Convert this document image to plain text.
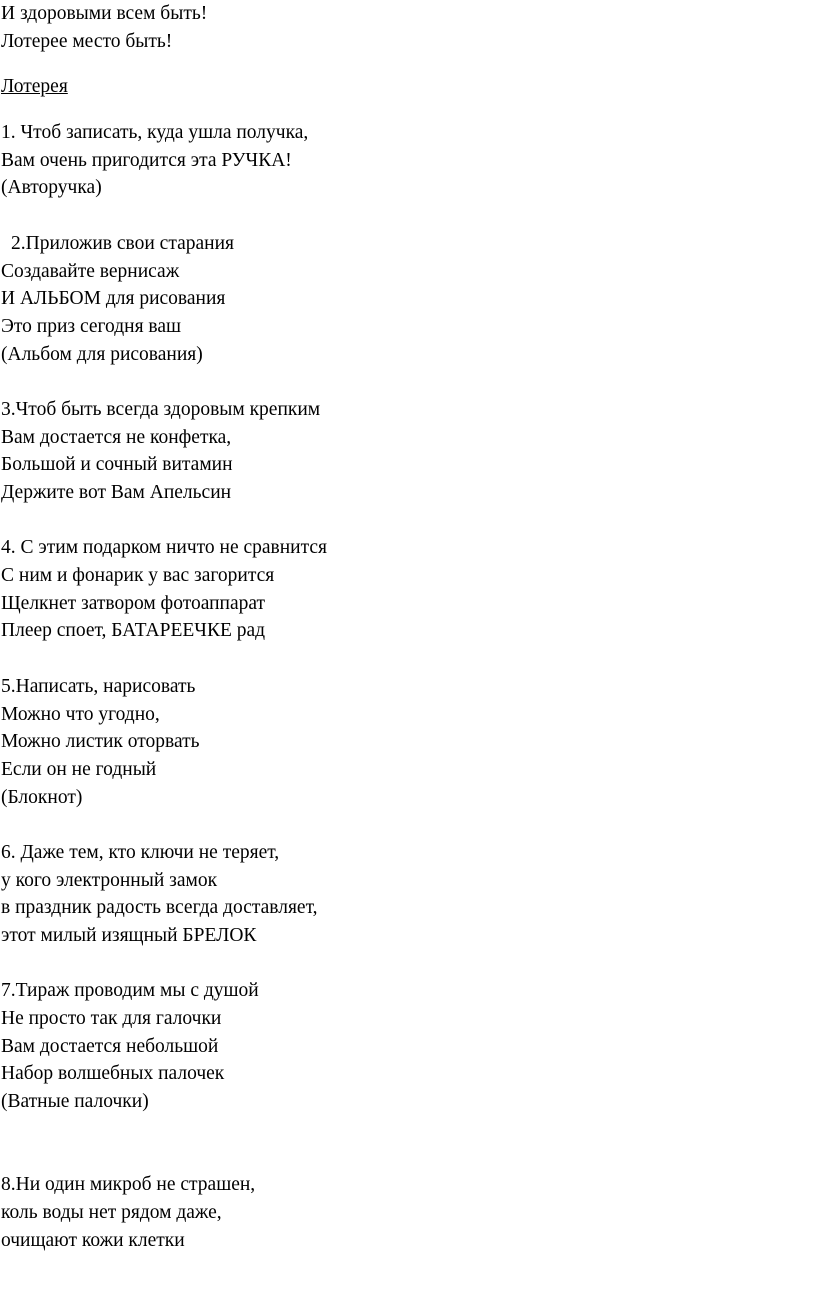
И здоровыми всем быть!
Лотерее место быть!
Лотерея
1. Чтоб записать, куда ушла получка,
Вам очень пригодится эта РУЧКА!
(Авторучка)
2.Приложив свои старания
Создавайте вернисаж
И АЛЬБОМ для рисования
Это приз сегодня ваш
(Альбом для рисования)
3.Чтоб быть всегда здоровым крепким
Вам достается не конфетка,
Большой и сочный витамин
Держите вот Вам Апельсин
4. С этим подарком ничто не сравнится
С ним и фонарик у вас загорится
Щелкнет затвором фотоаппарат
Плеер споет, БАТАРЕЕЧКЕ рад
5.Написать, нарисовать
Можно что угодно,
Можно листик оторвать
Если он не годный
(Блокнот)
6. Даже тем, кто ключи не теряет,
у кого электронный замок
в праздник радость всегда доставляет,
этот милый изящный БРЕЛОК
7.Тираж проводим мы с душой
Не просто так для галочки
Вам достается небольшой
Набор волшебных палочек
(Ватные палочки)
8.Ни один микроб не страшен,
коль воды нет рядом даже,
очищают кожи клетки
